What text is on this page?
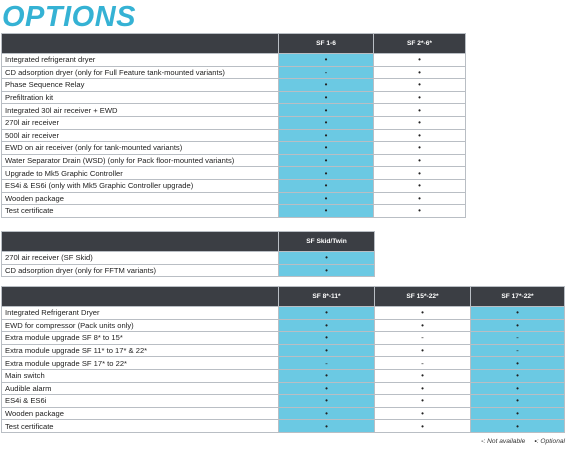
OPTIONS
	SF 1-6	SF 2*-6*
Integrated refrigerant dryer	•	•
CD adsorption dryer (only for Full Feature tank-mounted variants)	-	•
Phase Sequence Relay	•	•
Prefiltration kit	•	•
Integrated 30l air receiver + EWD	•	•
270l air receiver	•	•
500l air receiver	•	•
EWD on air receiver (only for tank-mounted variants)	•	•
Water Separator Drain (WSD) (only for Pack floor-mounted variants)	•	•
Upgrade to Mk5 Graphic Controller	•	•
ES4i & ES6i (only with Mk5 Graphic Controller upgrade)	•	•
Wooden package	•	•
Test certificate	•	•
	SF Skid/Twin
270l air receiver (SF Skid)	•
CD adsorption dryer (only for FFTM variants)	•
	SF 8*-11*	SF 15*-22*	SF 17*-22*
Integrated Refrigerant Dryer	•	•	•
EWD for compressor (Pack units only)	•	•	•
Extra module upgrade SF 8* to 15*	•	-	-
Extra module upgrade SF 11* to 17* & 22*	•	•	-
Extra module upgrade SF 17* to 22*	-	-	•
Main switch	•	•	•
Audible alarm	•	•	•
ES4i & ES6i	•	•	•
Wooden package	•	•	•
Test certificate	•	•	•
-: Not available •: Optional
